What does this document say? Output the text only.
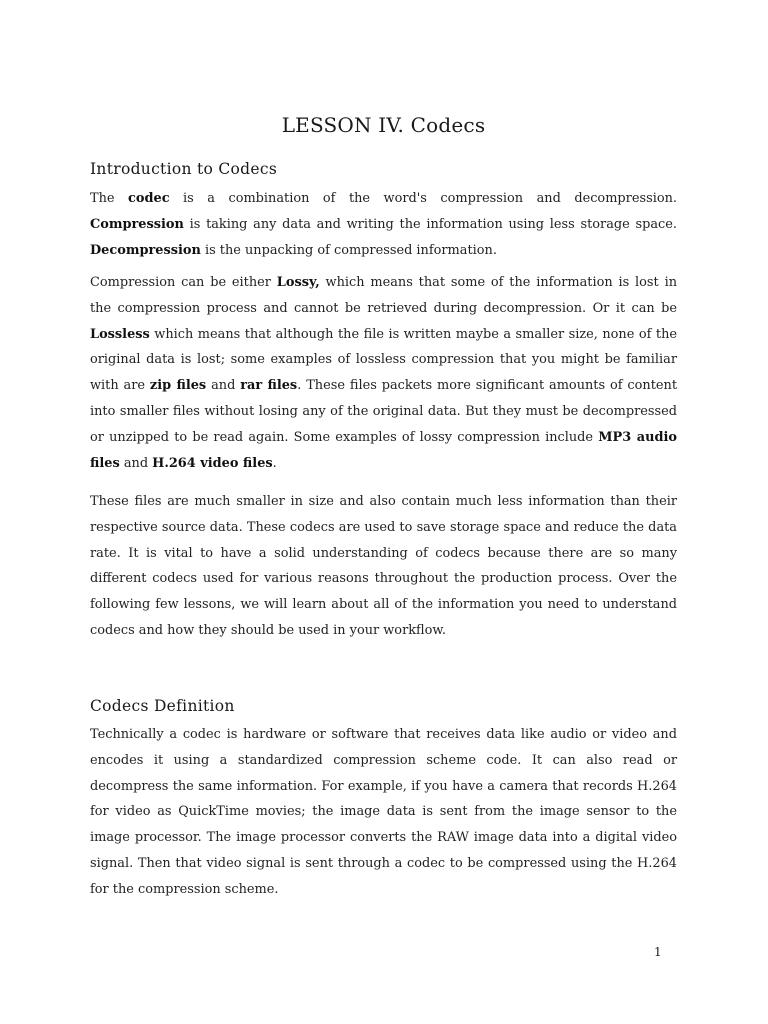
LESSON IV. Codecs
Introduction to Codecs

The codec is a combination of the word's compression and decompression. Compression is taking any data and writing the information using less storage space. Decompression is the unpacking of compressed information.

Compression can be either Lossy, which means that some of the information is lost in the compression process and cannot be retrieved during decompression. Or it can be Lossless which means that although the file is written maybe a smaller size, none of the original data is lost; some examples of lossless compression that you might be familiar with are zip files and rar files. These files packets more significant amounts of content into smaller files without losing any of the original data. But they must be decompressed or unzipped to be read again. Some examples of lossy compression include MP3 audio files and H.264 video files.

These files are much smaller in size and also contain much less information than their respective source data. These codecs are used to save storage space and reduce the data rate. It is vital to have a solid understanding of codecs because there are so many different codecs used for various reasons throughout the production process. Over the following few lessons, we will learn about all of the information you need to understand codecs and how they should be used in your workflow.

Codecs Definition

Technically a codec is hardware or software that receives data like audio or video and encodes it using a standardized compression scheme code. It can also read or decompress the same information. For example, if you have a camera that records H.264 for video as QuickTime movies; the image data is sent from the image sensor to the image processor. The image processor converts the RAW image data into a digital video signal. Then that video signal is sent through a codec to be compressed using the H.264 for the compression scheme.

1
